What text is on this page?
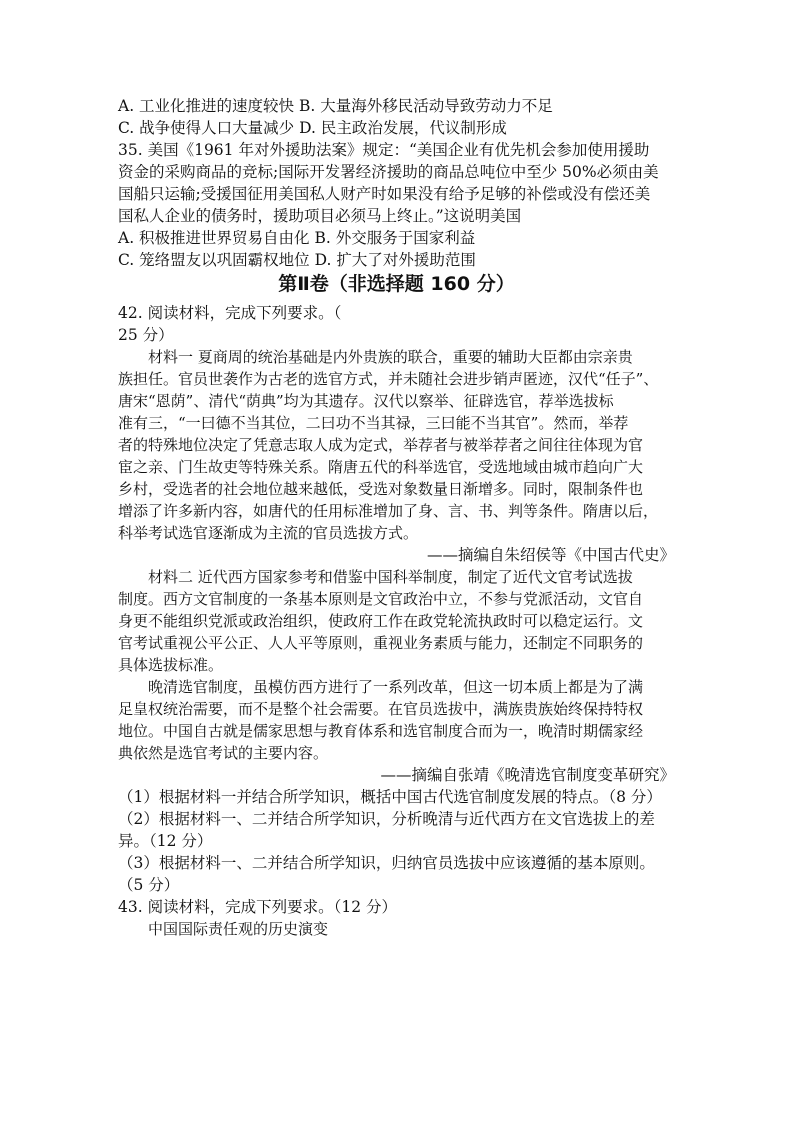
A. 工业化推进的速度较快 B. 大量海外移民活动导致劳动力不足
C. 战争使得人口大量减少 D. 民主政治发展，代议制形成
35. 美国《1961 年对外援助法案》规定：“美国企业有优先机会参加使用援助
资金的采购商品的竞标;国际开发署经济援助的商品总吨位中至少 50%必须由美
国船只运输;受援国征用美国私人财产时如果没有给予足够的补偿或没有偿还美
国私人企业的债务时，援助项目必须马上终止。”这说明美国
A. 积极推进世界贸易自由化 B. 外交服务于国家利益
C. 笼络盟友以巩固霸权地位 D. 扩大了对外援助范围
第Ⅱ卷（非选择题 160 分）
42. 阅读材料，完成下列要求。（
25 分）
材料一 夏商周的统治基础是内外贵族的联合，重要的辅助大臣都由宗亲贵
族担任。官员世袭作为古老的选官方式，并未随社会进步销声匿迹，汉代“任子”、
唐宋“恩荫”、清代“荫典”均为其遗存。汉代以察举、征辟选官，荐举选拔标
准有三，“一曰德不当其位，二曰功不当其禄，三曰能不当其官”。然而，举荐
者的特殊地位决定了凭意志取人成为定式，举荐者与被举荐者之间往往体现为官
宦之亲、门生故吏等特殊关系。隋唐五代的科举选官，受选地域由城市趋向广大
乡村，受选者的社会地位越来越低，受选对象数量日渐增多。同时，限制条件也
增添了许多新内容，如唐代的任用标准增加了身、言、书、判等条件。隋唐以后，
科举考试选官逐渐成为主流的官员选拔方式。
——摘编自朱绍侯等《中国古代史》
材料二 近代西方国家参考和借鉴中国科举制度，制定了近代文官考试选拔
制度。西方文官制度的一条基本原则是文官政治中立，不参与党派活动，文官自
身更不能组织党派或政治组织，使政府工作在政党轮流执政时可以稳定运行。文
官考试重视公平公正、人人平等原则，重视业务素质与能力，还制定不同职务的
具体选拔标准。
晚清选官制度，虽模仿西方进行了一系列改革，但这一切本质上都是为了满
足皇权统治需要，而不是整个社会需要。在官员选拔中，满族贵族始终保持特权
地位。中国自古就是儒家思想与教育体系和选官制度合而为一，晚清时期儒家经
典依然是选官考试的主要内容。
——摘编自张靖《晚清选官制度变革研究》
（1）根据材料一并结合所学知识，概括中国古代选官制度发展的特点。（8 分）
（2）根据材料一、二并结合所学知识，分析晚清与近代西方在文官选拔上的差
异。（12 分）
（3）根据材料一、二并结合所学知识，归纳官员选拔中应该遵循的基本原则。
（5 分）
43. 阅读材料，完成下列要求。（12 分）
中国国际责任观的历史演变
